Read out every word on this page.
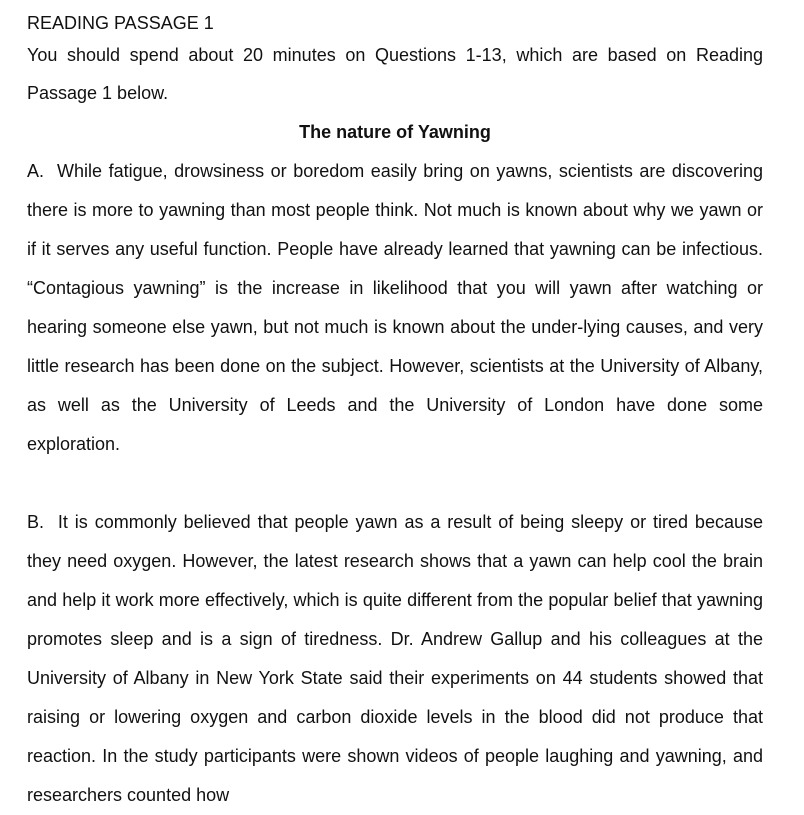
READING PASSAGE 1

You should spend about 20 minutes on Questions 1-13, which are based on Reading Passage 1 below.

The nature of Yawning

A. While fatigue, drowsiness or boredom easily bring on yawns, scientists are discovering there is more to yawning than most people think. Not much is known about why we yawn or if it serves any useful function. People have already learned that yawning can be infectious. “Contagious yawning” is the increase in likelihood that you will yawn after watching or hearing someone else yawn, but not much is known about the under-lying causes, and very little research has been done on the subject. However, scientists at the University of Albany, as well as the University of Leeds and the University of London have done some exploration.

B. It is commonly believed that people yawn as a result of being sleepy or tired because they need oxygen. However, the latest research shows that a yawn can help cool the brain and help it work more effectively, which is quite different from the popular belief that yawning promotes sleep and is a sign of tiredness. Dr. Andrew Gallup and his colleagues at the University of Albany in New York State said their experiments on 44 students showed that raising or lowering oxygen and carbon dioxide levels in the blood did not produce that reaction. In the study participants were shown videos of people laughing and yawning, and researchers counted how
